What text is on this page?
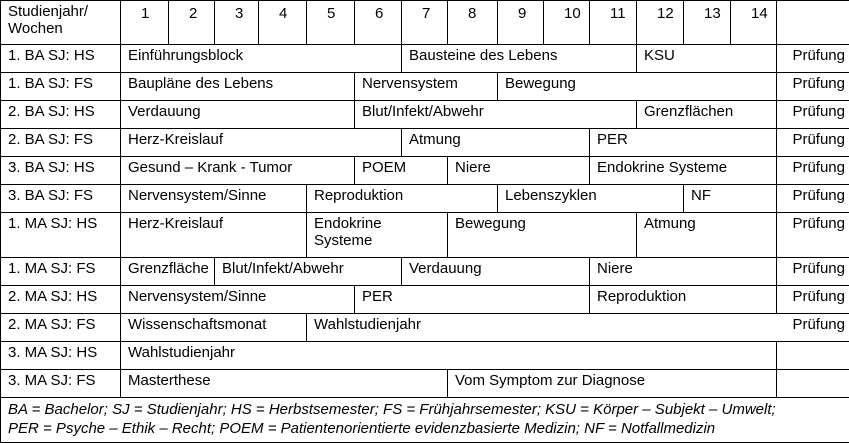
Studienjahr/ Wochen	1	2	3	4	5	6	7	8	9	10	11	12	13	14	
1. BA SJ: HS	Einführungsblock						Bausteine des Lebens					KSU			Prüfung
1. BA SJ: FS	Baupläne des Lebens					Nervensystem			Bewegung						Prüfung
2. BA SJ: HS	Verdauung					Blut/Infekt/Abwehr						Grenzflächen			Prüfung
2. BA SJ: FS	Herz-Kreislauf						Atmung				PER				Prüfung
3. BA SJ: HS	Gesund – Krank - Tumor					POEM		Niere			Endokrine Systeme				Prüfung
3. BA SJ: FS	Nervensystem/Sinne				Reproduktion				Lebenszyklen				NF		Prüfung
1. MA SJ: HS	Herz-Kreislauf				Endokrine Systeme			Bewegung				Atmung			Prüfung
1. MA SJ: FS	Grenzfläche		Blut/Infekt/Abwehr				Verdauung				Niere				Prüfung
2. MA SJ: HS	Nervensystem/Sinne					PER					Reproduktion				Prüfung
2. MA SJ: FS	Wissenschaftsmonat				Wahlstudienjahr Prüfung										

3. MA SJ: HS	Wahlstudienjahr														
3. MA SJ: FS	Masterthese							Vom Symptom zur Diagnose							

BA = Bachelor; SJ = Studienjahr; HS = Herbstsemester; FS = Frühjahrsemester; KSU = Körper – Subjekt – Umwelt;
PER = Psyche – Ethik – Recht; POEM = Patientenorientierte evidenzbasierte Medizin; NF = Notfallmedizin															
